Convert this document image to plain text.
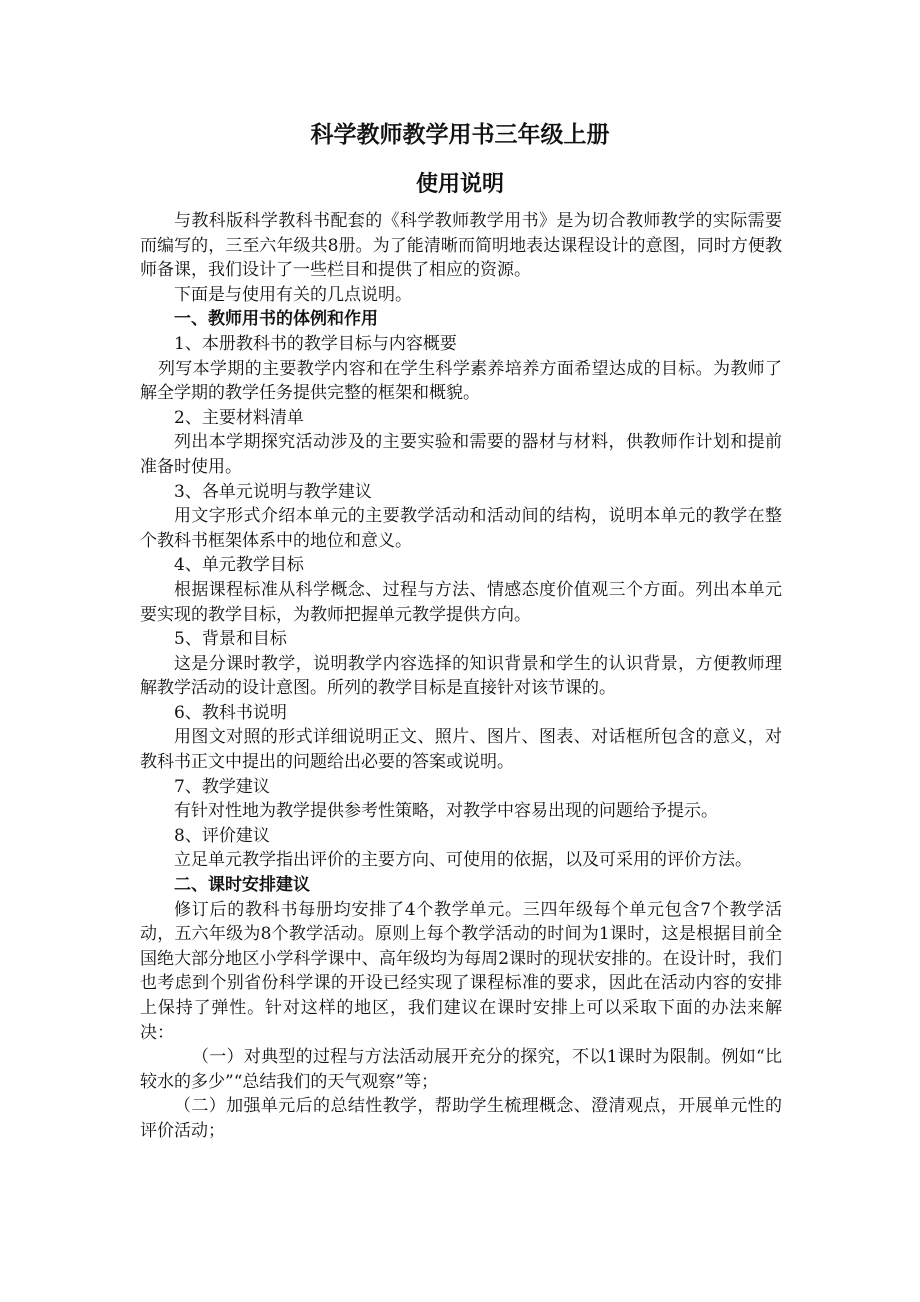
科学教师教学用书三年级上册
使用说明

与教科版科学教科书配套的《科学教师教学用书》是为切合教师教学的实际需要而编写的，三至六年级共8册。为了能清晰而简明地表达课程设计的意图，同时方便教师备课，我们设计了一些栏目和提供了相应的资源。

下面是与使用有关的几点说明。

一、教师用书的体例和作用

1、本册教科书的教学目标与内容概要

列写本学期的主要教学内容和在学生科学素养培养方面希望达成的目标。为教师了解全学期的教学任务提供完整的框架和概貌。

2、主要材料清单

列出本学期探究活动涉及的主要实验和需要的器材与材料，供教师作计划和提前准备时使用。

3、各单元说明与教学建议

用文字形式介绍本单元的主要教学活动和活动间的结构，说明本单元的教学在整个教科书框架体系中的地位和意义。

4、单元教学目标

根据课程标准从科学概念、过程与方法、情感态度价值观三个方面。列出本单元要实现的教学目标，为教师把握单元教学提供方向。

5、背景和目标

这是分课时教学，说明教学内容选择的知识背景和学生的认识背景，方便教师理解教学活动的设计意图。所列的教学目标是直接针对该节课的。

6、教科书说明

用图文对照的形式详细说明正文、照片、图片、图表、对话框所包含的意义，对教科书正文中提出的问题给出必要的答案或说明。

7、教学建议

有针对性地为教学提供参考性策略，对教学中容易出现的问题给予提示。

8、评价建议

立足单元教学指出评价的主要方向、可使用的依据，以及可采用的评价方法。

二、课时安排建议

修订后的教科书每册均安排了4个教学单元。三四年级每个单元包含7个教学活动，五六年级为8个教学活动。原则上每个教学活动的时间为1课时，这是根据目前全国绝大部分地区小学科学课中、高年级均为每周2课时的现状安排的。在设计时，我们也考虑到个别省份科学课的开设已经实现了课程标准的要求，因此在活动内容的安排上保持了弹性。针对这样的地区，我们建议在课时安排上可以采取下面的办法来解决：

（一）对典型的过程与方法活动展开充分的探究，不以1课时为限制。例如“比较水的多少”“总结我们的天气观察”等；

（二）加强单元后的总结性教学，帮助学生梳理概念、澄清观点，开展单元性的评价活动；
